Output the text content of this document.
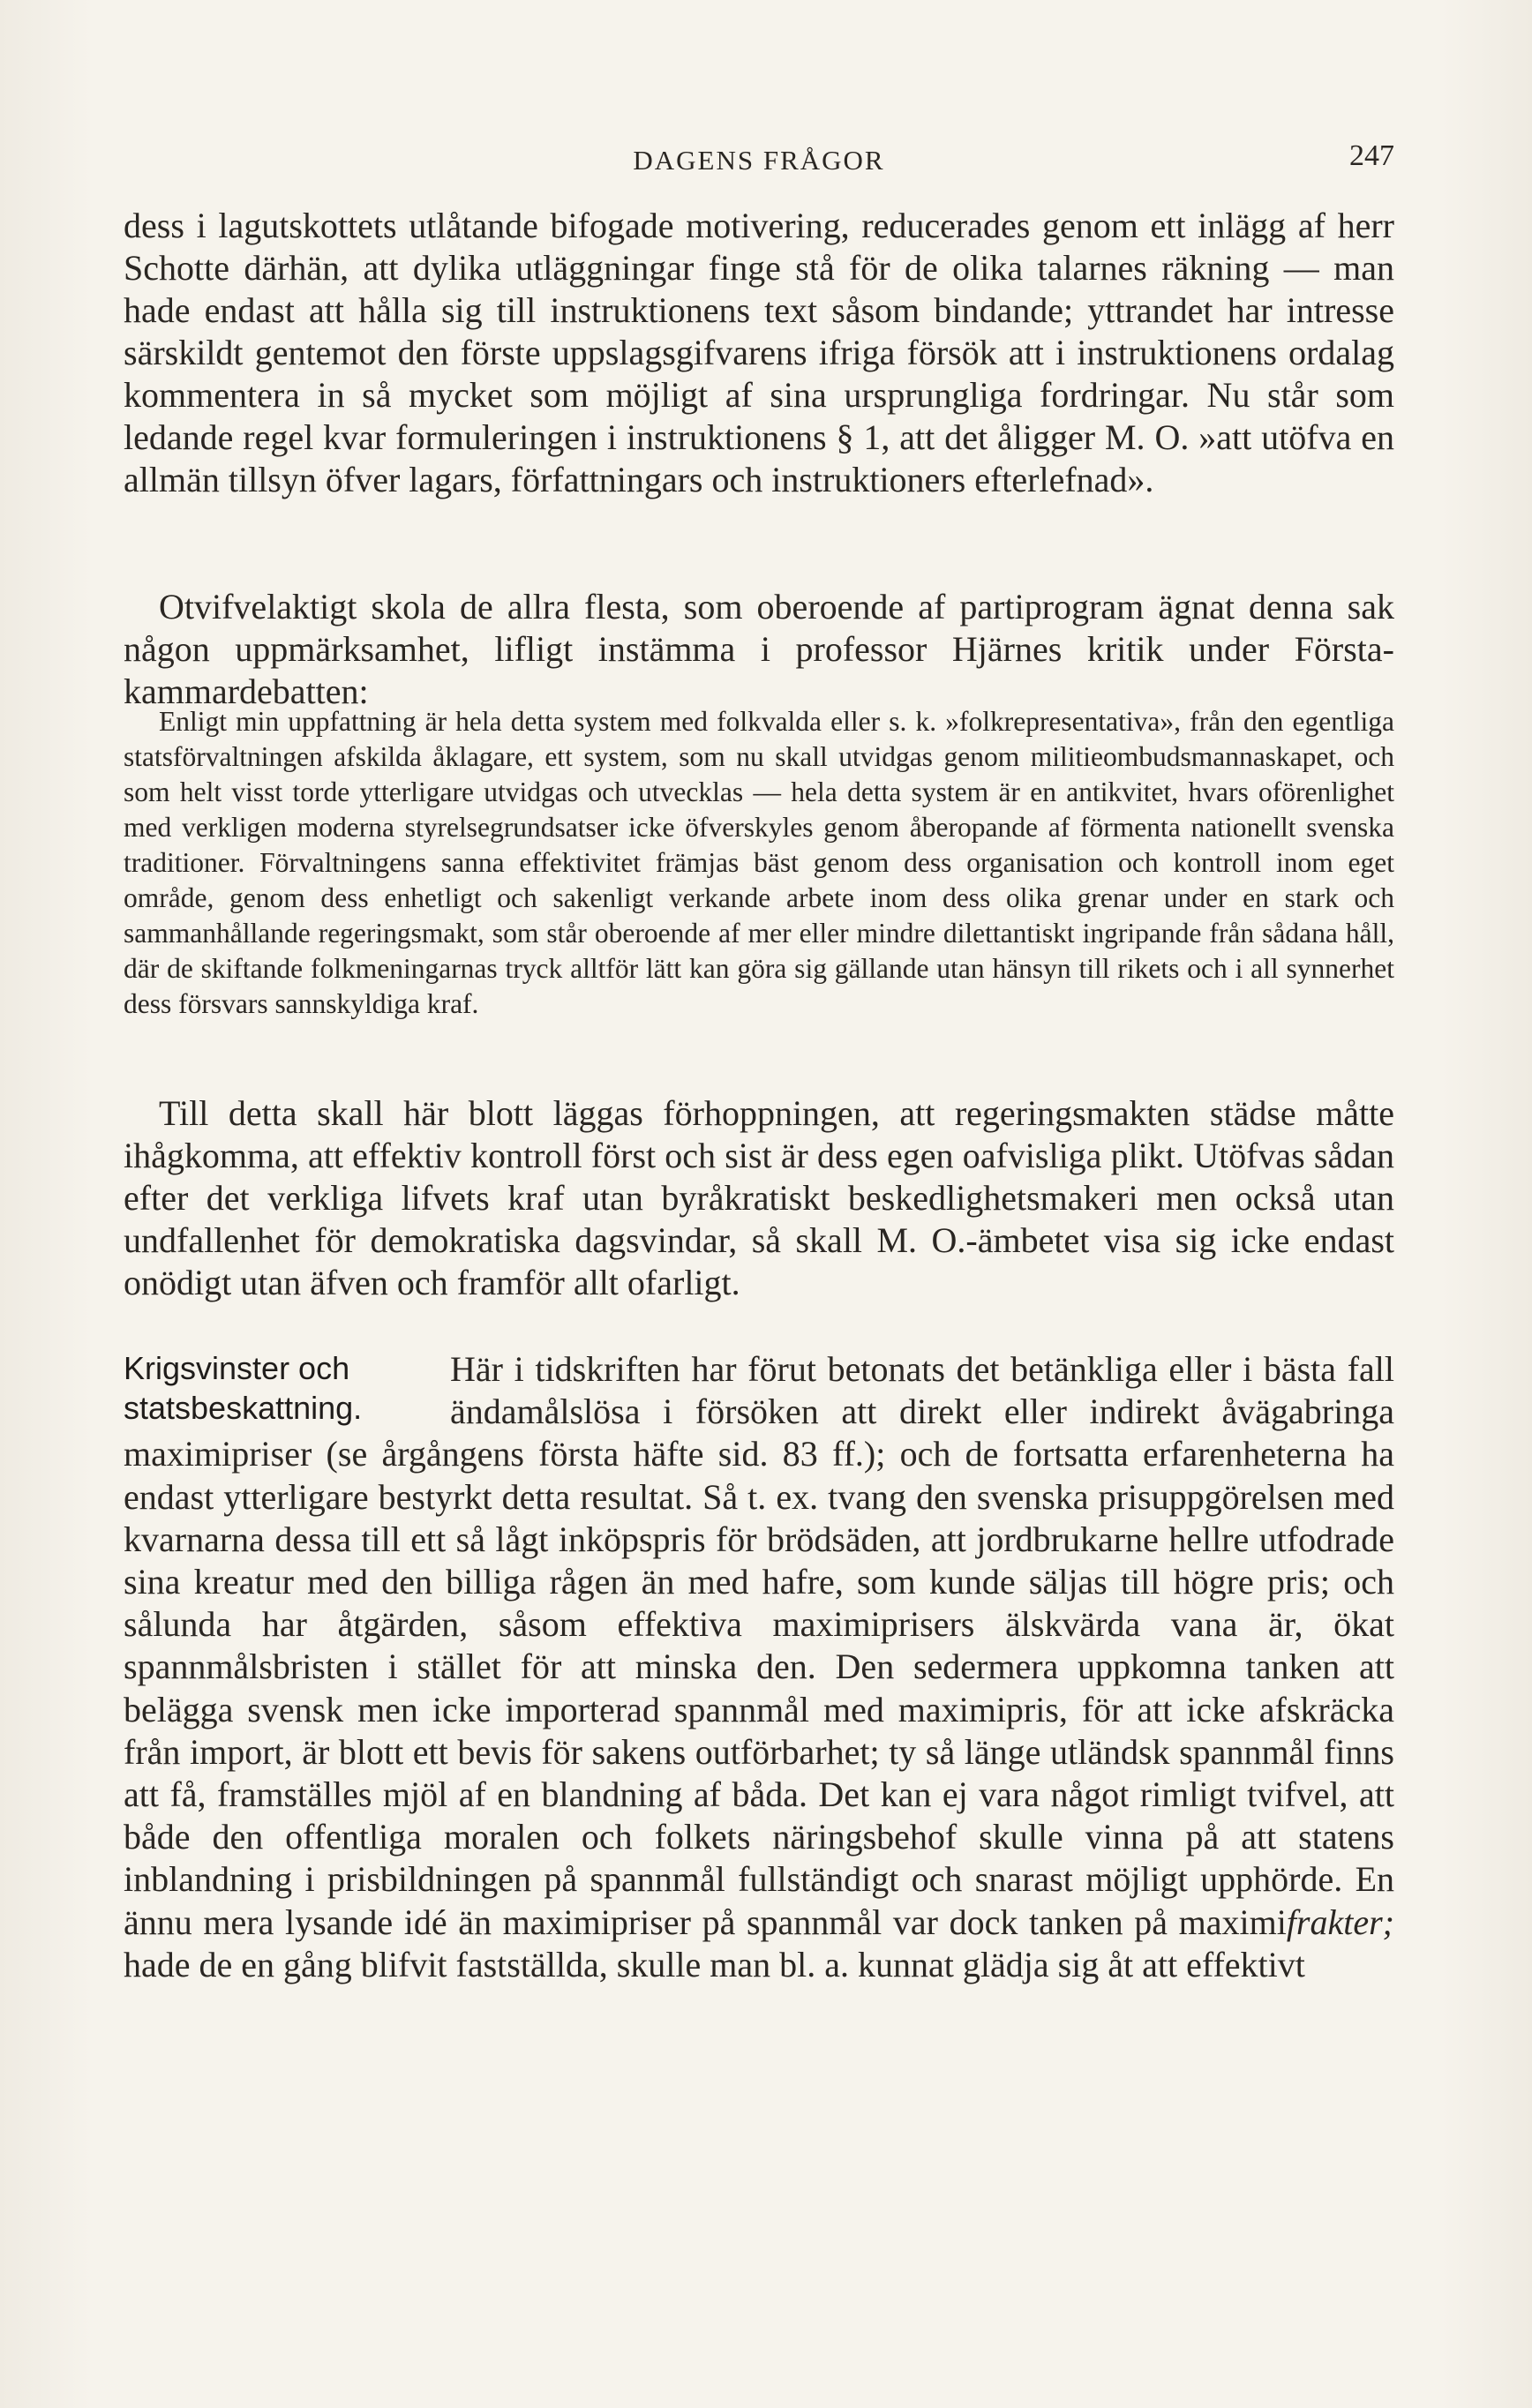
DAGENS FRÅGOR	247

dess i lagutskottets utlåtande bifogade motivering, reducerades genom ett inlägg af herr Schotte därhän, att dylika utläggningar finge stå för de olika talarnes räkning — man hade endast att hålla sig till instruktionens text såsom bindande; yttrandet har intresse särskildt gentemot den förste uppslagsgifvarens ifriga försök att i instruktionens ordalag kommentera in så mycket som möjligt af sina ursprungliga fordringar. Nu står som ledande regel kvar formuleringen i instruktionens § 1, att det åligger M. O. »att utöfva en allmän tillsyn öfver lagars, författningars och instruktioners efterlefnad».

Otvifvelaktigt skola de allra flesta, som oberoende af partiprogram ägnat denna sak någon uppmärksamhet, lifligt instämma i professor Hjärnes kritik under Första-kammardebatten:

Enligt min uppfattning är hela detta system med folkvalda eller s. k. »folkrepresentativa», från den egentliga statsförvaltningen afskilda åklagare, ett system, som nu skall utvidgas genom militieombudsmannaskapet, och som helt visst torde ytterligare utvidgas och utvecklas — hela detta system är en antikvitet, hvars oförenlighet med verkligen moderna styrelsegrundsatser icke öfverskyles genom åberopande af förmenta nationellt svenska traditioner. Förvaltningens sanna effektivitet främjas bäst genom dess organisation och kontroll inom eget område, genom dess enhetligt och sakenligt verkande arbete inom dess olika grenar under en stark och sammanhållande regeringsmakt, som står oberoende af mer eller mindre dilettantiskt ingripande från sådana håll, där de skiftande folkmeningarnas tryck alltför lätt kan göra sig gällande utan hänsyn till rikets och i all synnerhet dess försvars sannskyldiga kraf.

Till detta skall här blott läggas förhoppningen, att regeringsmakten städse måtte ihågkomma, att effektiv kontroll först och sist är dess egen oafvisliga plikt. Utöfvas sådan efter det verkliga lifvets kraf utan byråkratiskt beskedlighetsmakeri men också utan undfallenhet för demokratiska dagsvindar, så skall M. O.-ämbetet visa sig icke endast onödigt utan äfven och framför allt ofarligt.

Krigsvinster och
statsbeskattning.

Här i tidskriften har förut betonats det betänkliga eller i bästa fall ändamålslösa i försöken att direkt eller indirekt åvägabringa maximipriser (se årgångens första häfte sid. 83 ff.); och de fortsatta erfarenheterna ha endast ytterligare bestyrkt detta resultat. Så t. ex. tvang den svenska prisuppgörelsen med kvarnarna dessa till ett så lågt inköpspris för brödsäden, att jordbrukarne hellre utfodrade sina kreatur med den billiga rågen än med hafre, som kunde säljas till högre pris; och sålunda har åtgärden, såsom effektiva maximiprisers älskvärda vana är, ökat spannmålsbristen i stället för att minska den. Den sedermera uppkomna tanken att belägga svensk men icke importerad spannmål med maximipris, för att icke afskräcka från import, är blott ett bevis för sakens outförbarhet; ty så länge utländsk spannmål finns att få, framställes mjöl af en blandning af båda. Det kan ej vara något rimligt tvifvel, att både den offentliga moralen och folkets näringsbehof skulle vinna på att statens inblandning i prisbildningen på spannmål fullständigt och snarast möjligt upphörde. En ännu mera lysande idé än maximipriser på spannmål var dock tanken på maximifrakter; hade de en gång blifvit fastställda, skulle man bl. a. kunnat glädja sig åt att effektivt
